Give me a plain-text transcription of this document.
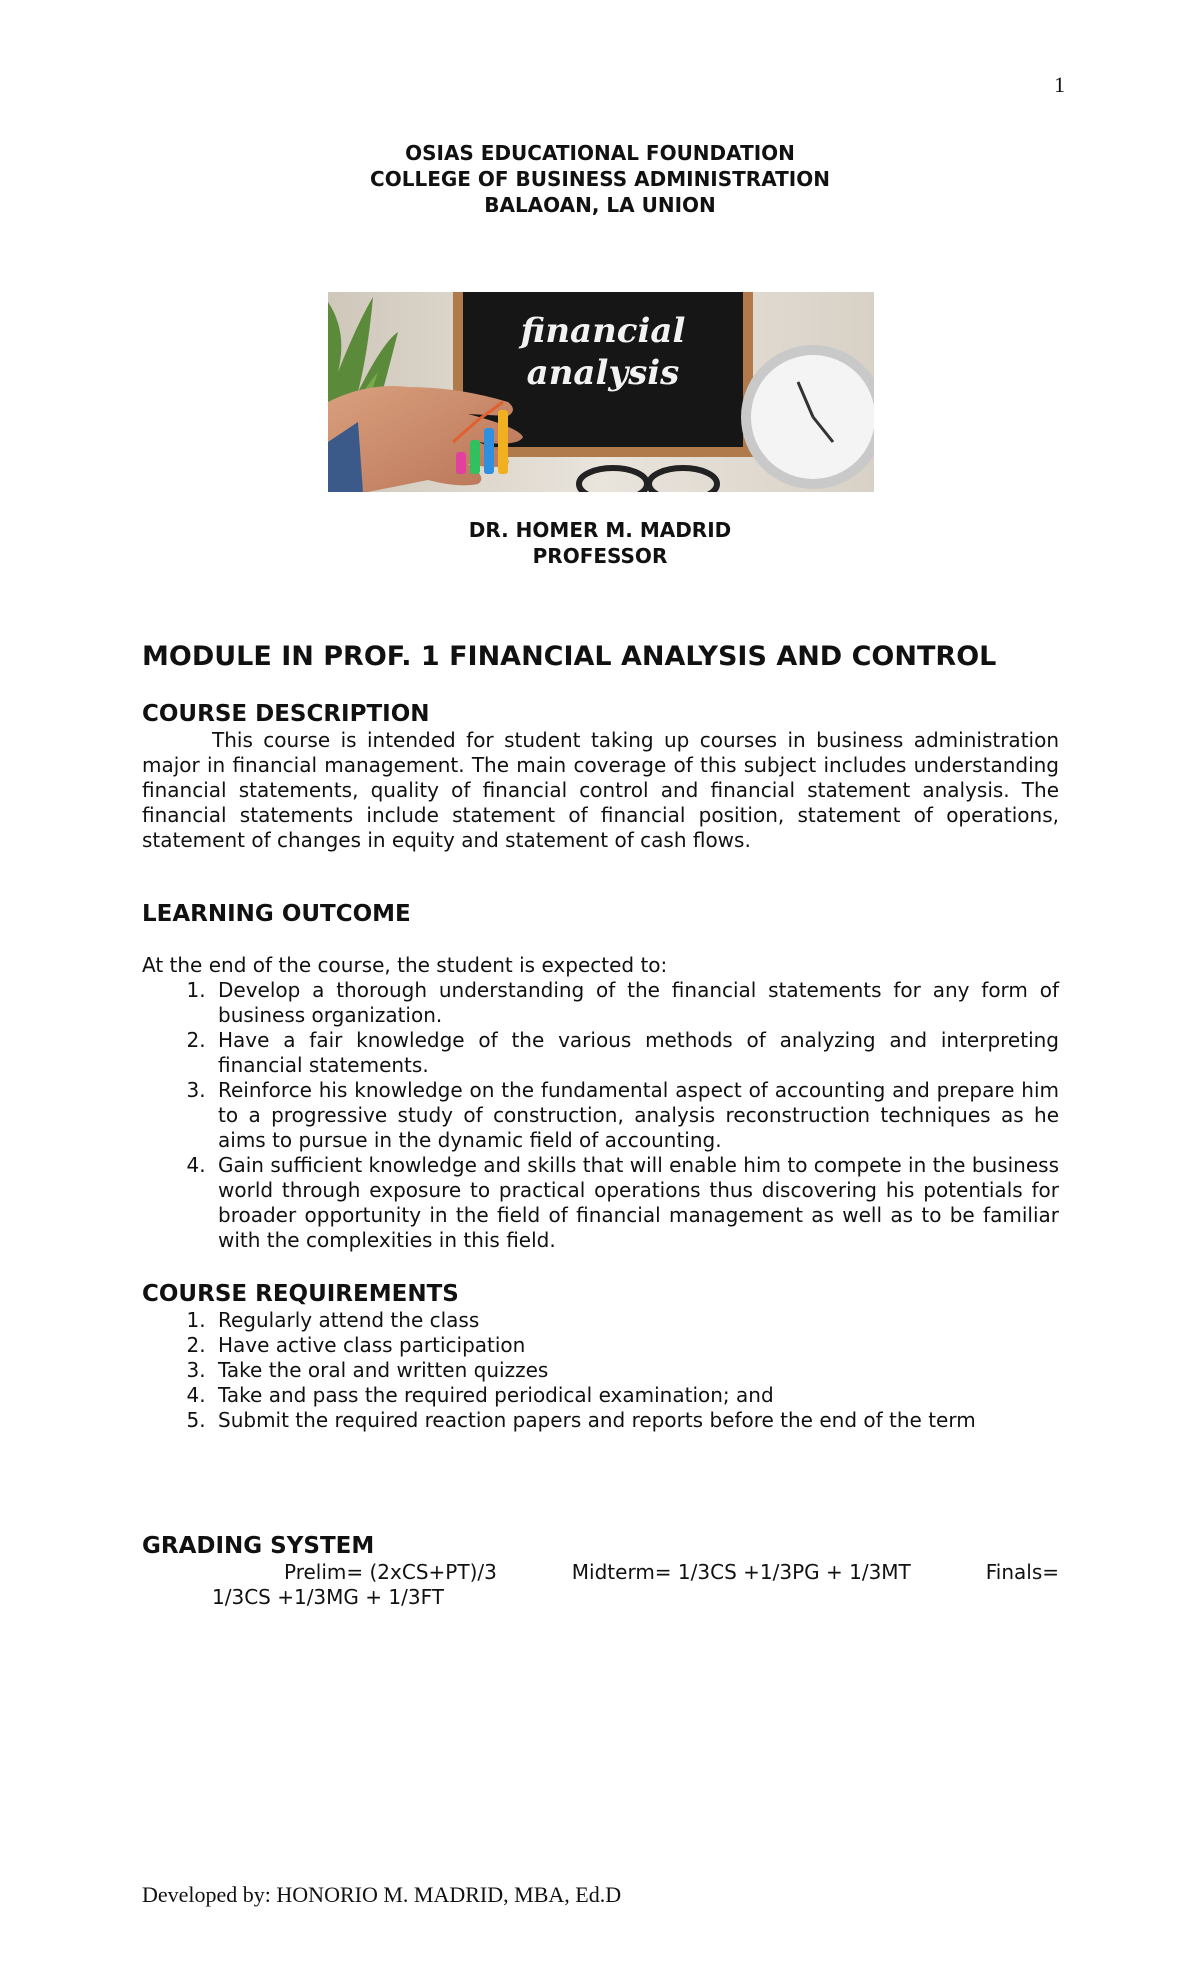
1
OSIAS EDUCATIONAL FOUNDATION
COLLEGE OF BUSINESS ADMINISTRATION
BALAOAN, LA UNION
financial
analysis
DR. HOMER M. MADRID
PROFESSOR
MODULE IN PROF. 1 FINANCIAL ANALYSIS AND CONTROL
COURSE DESCRIPTION
This course is intended for student taking up courses in business administration major in financial management. The main coverage of this subject includes understanding financial statements, quality of financial control and financial statement analysis. The financial statements include statement of financial position, statement of operations, statement of changes in equity and statement of cash flows.
LEARNING OUTCOME
At the end of the course, the student is expected to:
1. Develop a thorough understanding of the financial statements for any form of business organization.
2. Have a fair knowledge of the various methods of analyzing and interpreting financial statements.
3. Reinforce his knowledge on the fundamental aspect of accounting and prepare him to a progressive study of construction, analysis reconstruction techniques as he aims to pursue in the dynamic field of accounting.
4. Gain sufficient knowledge and skills that will enable him to compete in the business world through exposure to practical operations thus discovering his potentials for broader opportunity in the field of financial management as well as to be familiar with the complexities in this field.
COURSE REQUIREMENTS
1. Regularly attend the class
2. Have active class participation
3. Take the oral and written quizzes
4. Take and pass the required periodical examination; and
5. Submit the required reaction papers and reports before the end of the term
GRADING SYSTEM
Prelim= (2xCS+PT)/3	Midterm= 1/3CS +1/3PG + 1/3MT	Finals=
1/3CS +1/3MG + 1/3FT
Developed by: HONORIO M. MADRID, MBA, Ed.D
